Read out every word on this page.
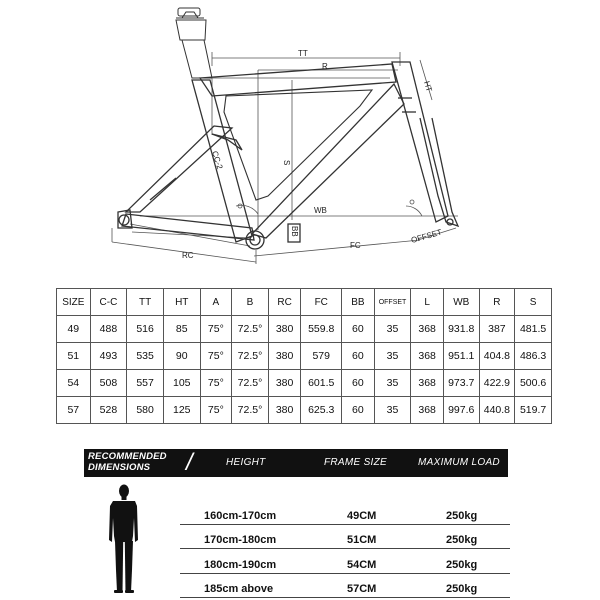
TT
R
HT
S
CC-2
WB
BB
RC
FC
OFFSET
SIZE	C-C	TT	HT	A	B	RC	FC	BB	OFFSET	L	WB	R	S
49	488	516	85	75°	72.5°	380	559.8	60	35	368	931.8	387	481.5
51	493	535	90	75°	72.5°	380	579	60	35	368	951.1	404.8	486.3
54	508	557	105	75°	72.5°	380	601.5	60	35	368	973.7	422.9	500.6
57	528	580	125	75°	72.5°	380	625.3	60	35	368	997.6	440.8	519.7
RECOMMENDED
DIMENSIONS	/	HEIGHT	FRAME SIZE	MAXIMUM LOAD
160cm-170cm	49CM	250kg
170cm-180cm	51CM	250kg
180cm-190cm	54CM	250kg
185cm above	57CM	250kg
